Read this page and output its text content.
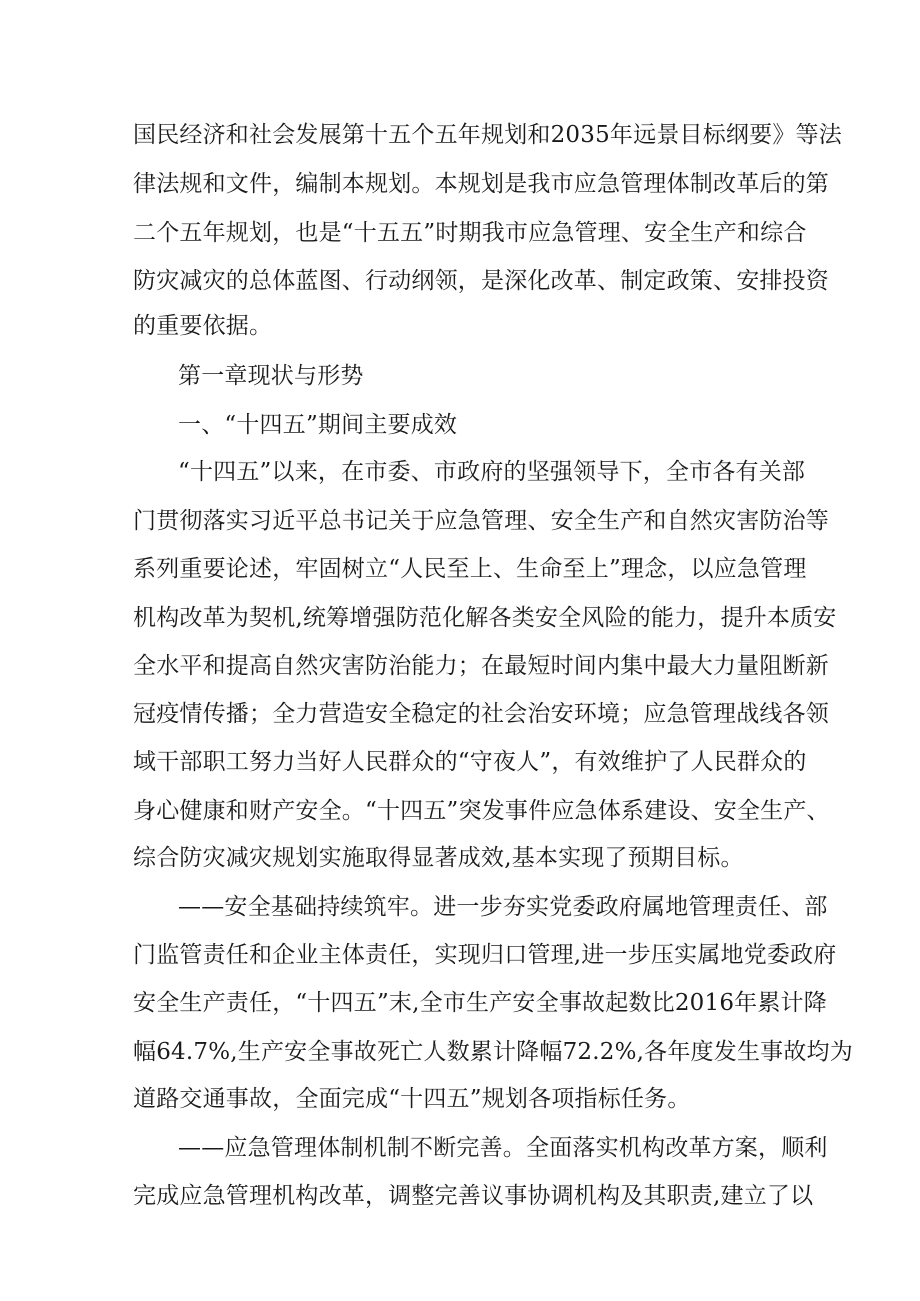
国民经济和社会发展第十五个五年规划和2035年远景目标纲要》等法
律法规和文件，编制本规划。本规划是我市应急管理体制改革后的第
二个五年规划，也是“十五五”时期我市应急管理、安全生产和综合
防灾减灾的总体蓝图、行动纲领，是深化改革、制定政策、安排投资
的重要依据。
第一章现状与形势
一、“十四五”期间主要成效
“十四五”以来，在市委、市政府的坚强领导下，全市各有关部
门贯彻落实习近平总书记关于应急管理、安全生产和自然灾害防治等
系列重要论述，牢固树立“人民至上、生命至上”理念，以应急管理
机构改革为契机,统筹增强防范化解各类安全风险的能力，提升本质安
全水平和提高自然灾害防治能力；在最短时间内集中最大力量阻断新
冠疫情传播；全力营造安全稳定的社会治安环境；应急管理战线各领
域干部职工努力当好人民群众的“守夜人”，有效维护了人民群众的
身心健康和财产安全。“十四五”突发事件应急体系建设、安全生产、
综合防灾减灾规划实施取得显著成效,基本实现了预期目标。
——安全基础持续筑牢。进一步夯实党委政府属地管理责任、部
门监管责任和企业主体责任，实现归口管理,进一步压实属地党委政府
安全生产责任，“十四五”末,全市生产安全事故起数比2016年累计降
幅64.7%,生产安全事故死亡人数累计降幅72.2%,各年度发生事故均为
道路交通事故，全面完成“十四五”规划各项指标任务。
——应急管理体制机制不断完善。全面落实机构改革方案，顺利
完成应急管理机构改革，调整完善议事协调机构及其职责,建立了以
